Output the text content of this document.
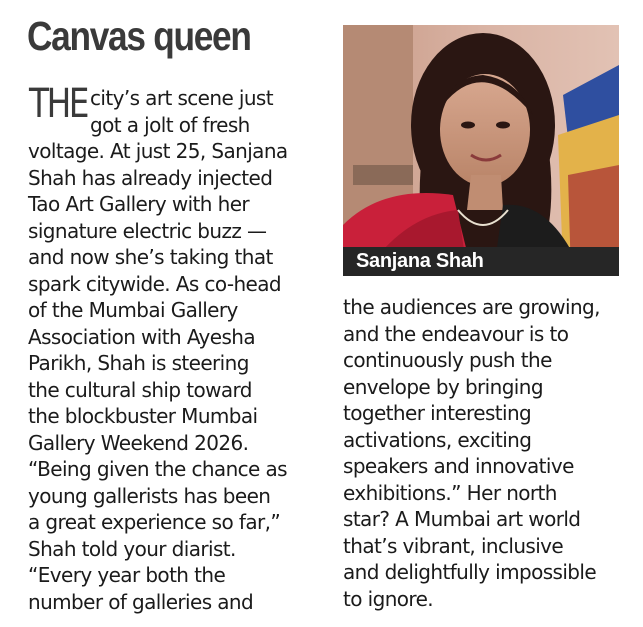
Canvas queen
THE city’s art scene just
got a jolt of fresh
voltage. At just 25, Sanjana
Shah has already injected
Tao Art Gallery with her
signature electric buzz —
and now she’s taking that
spark citywide. As co-head
of the Mumbai Gallery
Association with Ayesha
Parikh, Shah is steering
the cultural ship toward
the blockbuster Mumbai
Gallery Weekend 2026.
“Being given the chance as
young gallerists has been
a great experience so far,”
Shah told your diarist.
“Every year both the
number of galleries and
Sanjana Shah
the audiences are growing,
and the endeavour is to
continuously push the
envelope by bringing
together interesting
activations, exciting
speakers and innovative
exhibitions.” Her north
star? A Mumbai art world
that’s vibrant, inclusive
and delightfully impossible
to ignore.
